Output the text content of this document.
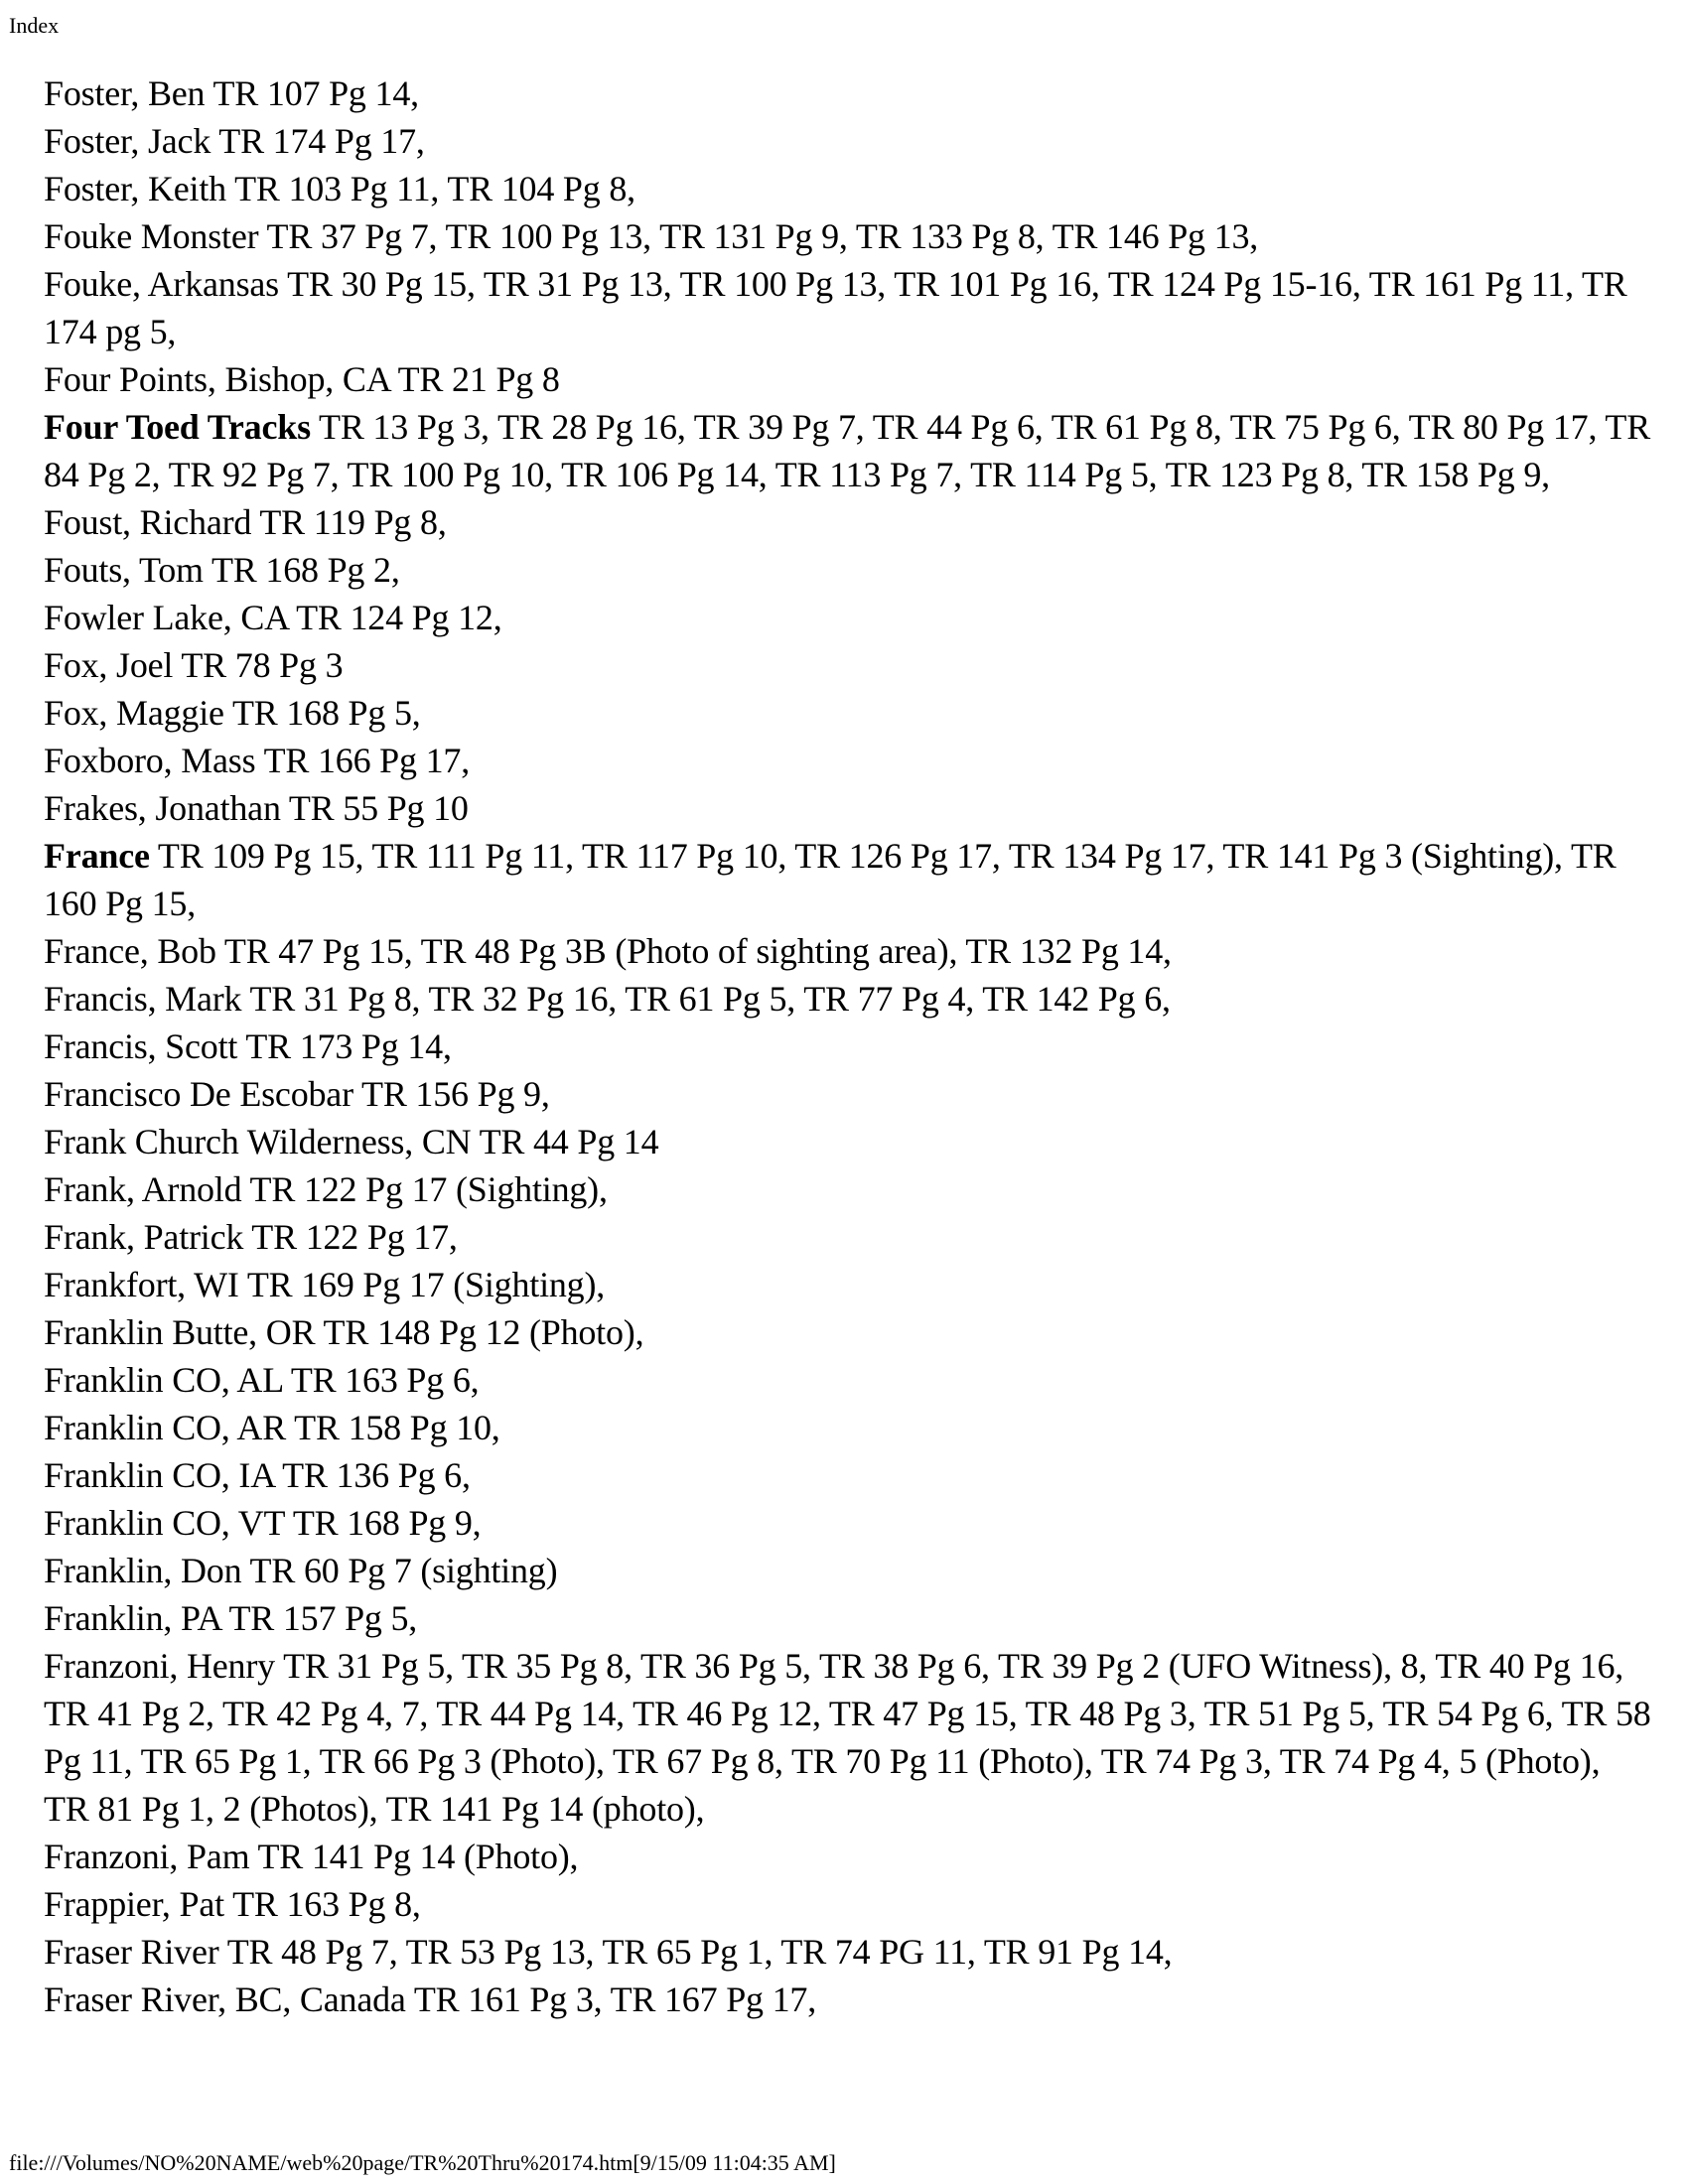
Index
Foster, Ben TR 107 Pg 14,
Foster, Jack TR 174 Pg 17,
Foster, Keith TR 103 Pg 11, TR 104 Pg 8,
Fouke Monster TR 37 Pg 7, TR 100 Pg 13, TR 131 Pg 9, TR 133 Pg 8, TR 146 Pg 13,
Fouke, Arkansas TR 30 Pg 15, TR 31 Pg 13, TR 100 Pg 13, TR 101 Pg 16, TR 124 Pg 15-16, TR 161 Pg 11, TR 174 pg 5,
Four Points, Bishop, CA TR 21 Pg 8
Four Toed Tracks TR 13 Pg 3, TR 28 Pg 16, TR 39 Pg 7, TR 44 Pg 6, TR 61 Pg 8, TR 75 Pg 6, TR 80 Pg 17, TR 84 Pg 2, TR 92 Pg 7, TR 100 Pg 10, TR 106 Pg 14, TR 113 Pg 7, TR 114 Pg 5, TR 123 Pg 8, TR 158 Pg 9,
Foust, Richard TR 119 Pg 8,
Fouts, Tom TR 168 Pg 2,
Fowler Lake, CA TR 124 Pg 12,
Fox, Joel TR 78 Pg 3
Fox, Maggie TR 168 Pg 5,
Foxboro, Mass TR 166 Pg 17,
Frakes, Jonathan TR 55 Pg 10
France TR 109 Pg 15, TR 111 Pg 11, TR 117 Pg 10, TR 126 Pg 17, TR 134 Pg 17, TR 141 Pg 3 (Sighting), TR 160 Pg 15,
France, Bob TR 47 Pg 15, TR 48 Pg 3B (Photo of sighting area), TR 132 Pg 14,
Francis, Mark TR 31 Pg 8, TR 32 Pg 16, TR 61 Pg 5, TR 77 Pg 4, TR 142 Pg 6,
Francis, Scott TR 173 Pg 14,
Francisco De Escobar TR 156 Pg 9,
Frank Church Wilderness, CN TR 44 Pg 14
Frank, Arnold TR 122 Pg 17 (Sighting),
Frank, Patrick TR 122 Pg 17,
Frankfort, WI TR 169 Pg 17 (Sighting),
Franklin Butte, OR TR 148 Pg 12 (Photo),
Franklin CO, AL TR 163 Pg 6,
Franklin CO, AR TR 158 Pg 10,
Franklin CO, IA TR 136 Pg 6,
Franklin CO, VT TR 168 Pg 9,
Franklin, Don TR 60 Pg 7 (sighting)
Franklin, PA TR 157 Pg 5,
Franzoni, Henry TR 31 Pg 5, TR 35 Pg 8, TR 36 Pg 5, TR 38 Pg 6, TR 39 Pg 2 (UFO Witness), 8, TR 40 Pg 16, TR 41 Pg 2, TR 42 Pg 4, 7, TR 44 Pg 14, TR 46 Pg 12, TR 47 Pg 15, TR 48 Pg 3, TR 51 Pg 5, TR 54 Pg 6, TR 58 Pg 11, TR 65 Pg 1, TR 66 Pg 3 (Photo), TR 67 Pg 8, TR 70 Pg 11 (Photo), TR 74 Pg 3, TR 74 Pg 4, 5 (Photo), TR 81 Pg 1, 2 (Photos), TR 141 Pg 14 (photo),
Franzoni, Pam TR 141 Pg 14 (Photo),
Frappier, Pat TR 163 Pg 8,
Fraser River TR 48 Pg 7, TR 53 Pg 13, TR 65 Pg 1, TR 74 PG 11, TR 91 Pg 14,
Fraser River, BC, Canada TR 161 Pg 3, TR 167 Pg 17,
file:///Volumes/NO%20NAME/web%20page/TR%20Thru%20174.htm[9/15/09 11:04:35 AM]
